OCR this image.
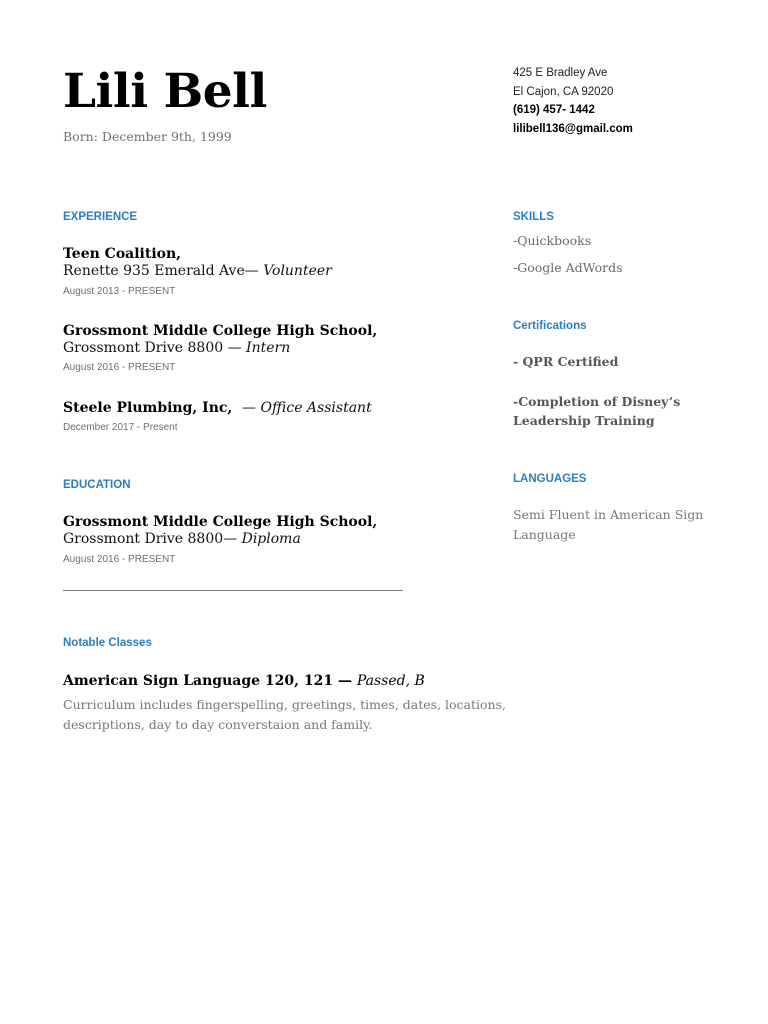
Lili Bell
Born: December 9th, 1999
425 E Bradley Ave
El Cajon, CA 92020
(619) 457- 1442
lilibell136@gmail.com
EXPERIENCE
Teen Coalition,
Renette 935 Emerald Ave— Volunteer
August 2013 - PRESENT
Grossmont Middle College High School,
Grossmont Drive 8800 — Intern
August 2016 - PRESENT
Steele Plumbing, Inc,  — Office Assistant
December 2017 - Present
EDUCATION
Grossmont Middle College High School,
Grossmont Drive 8800— Diploma
August 2016 - PRESENT
Notable Classes
American Sign Language 120, 121 — Passed, B
Curriculum includes fingerspelling, greetings, times, dates, locations,
descriptions, day to day converstaion and family.
SKILLS
-Quickbooks
-Google AdWords
Certifications
- QPR Certified
-Completion of Disney’s
Leadership Training
LANGUAGES
Semi Fluent in American Sign
Language
